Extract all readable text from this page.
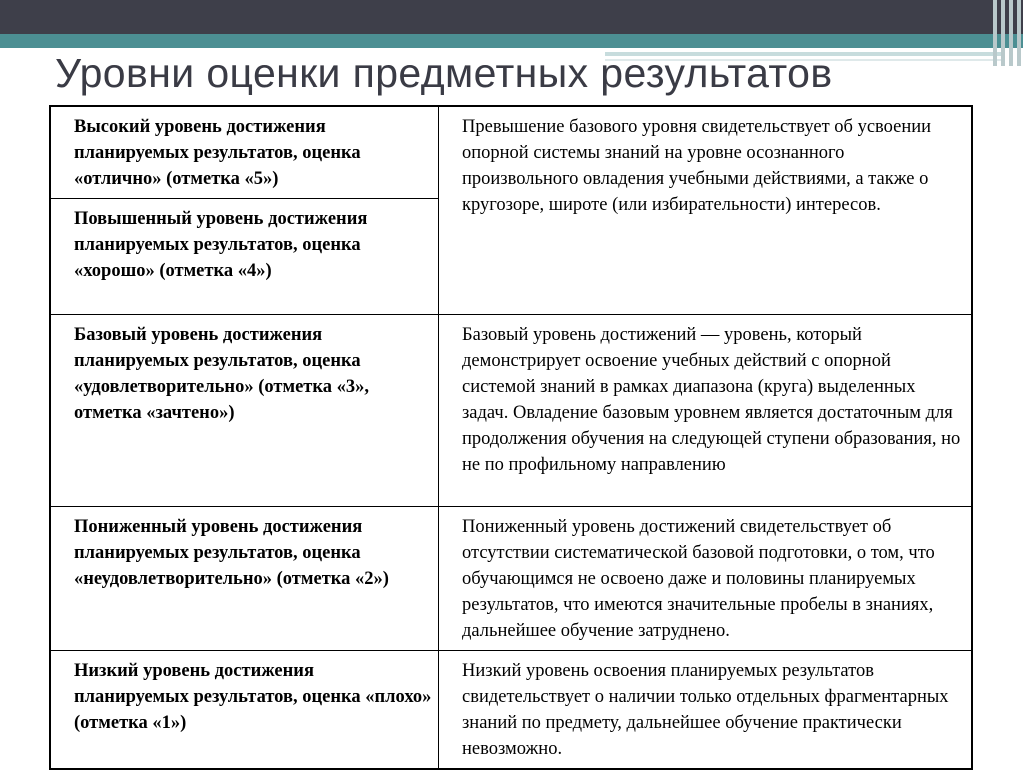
Уровни оценки предметных результатов
Высокий уровень достижения планируемых результатов, оценка «отлично» (отметка «5»)	Превышение базового уровня свидетельствует об усвоении опорной системы знаний на уровне осознанного произвольного овладения учебными действиями, а также о кругозоре, широте (или избирательности) интересов.
Повышенный уровень достижения планируемых результатов, оценка «хорошо» (отметка «4»)	
Базовый уровень достижения планируемых результатов, оценка «удовлетворительно» (отметка «3», отметка «зачтено»)	Базовый уровень достижений — уровень, который демонстрирует освоение учебных действий с опорной системой знаний в рамках диапазона (круга) выделенных задач. Овладение базовым уровнем является достаточным для продолжения обучения на следующей ступени образования, но не по профильному направлению
Пониженный уровень достижения планируемых результатов, оценка «неудовлетворительно» (отметка «2»)	Пониженный уровень достижений свидетельствует об отсутствии систематической базовой подготовки, о том, что обучающимся не освоено даже и половины планируемых результатов, что имеются значительные пробелы в знаниях, дальнейшее обучение затруднено.
Низкий уровень достижения планируемых результатов, оценка «плохо» (отметка «1»)	Низкий уровень освоения планируемых результатов свидетельствует о наличии только отдельных фрагментарных знаний по предмету, дальнейшее обучение практически невозможно.
